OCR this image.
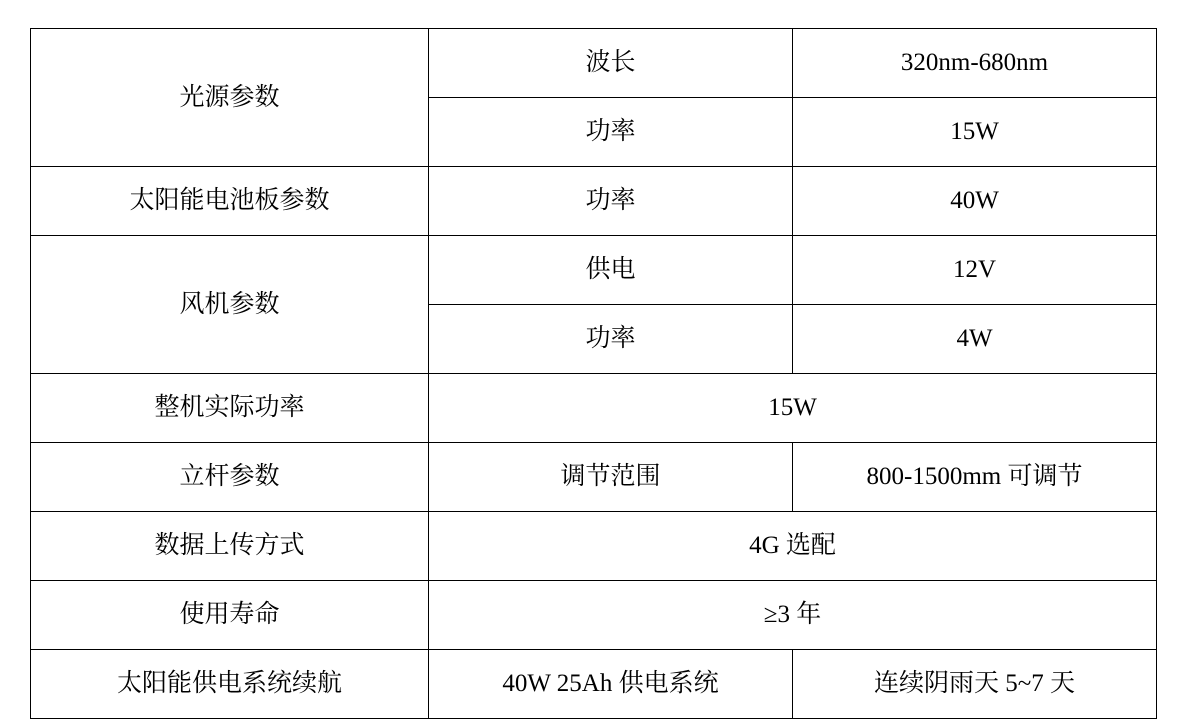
光源参数	波长	320nm-680nm
	功率	15W
太阳能电池板参数	功率	40W
风机参数	供电	12V
	功率	4W
整机实际功率	15W	
立杆参数	调节范围	800-1500mm 可调节
数据上传方式	4G 选配	
使用寿命	≥3 年	
太阳能供电系统续航	40W 25Ah 供电系统	连续阴雨天 5~7 天
